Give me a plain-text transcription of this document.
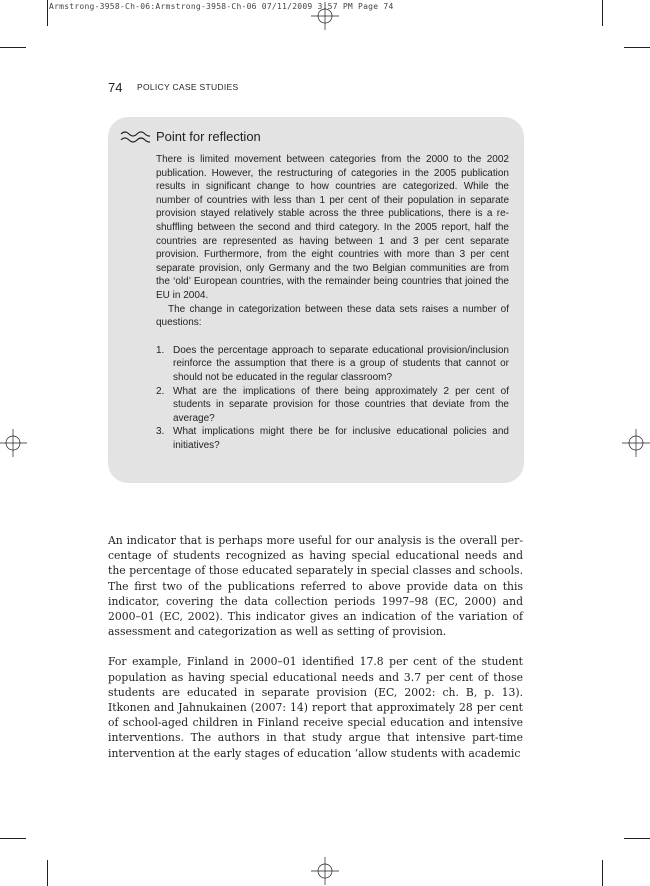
Armstrong-3958-Ch-06:Armstrong-3958-Ch-06 07/11/2009 3:57 PM Page 74

74 POLICY CASE STUDIES

Point for reflection

There is limited movement between categories from the 2000 to the 2002 publication. However, the restructuring of categories in the 2005 publication results in significant change to how countries are categorized. While the number of countries with less than 1 per cent of their population in separate provision stayed relatively stable across the three publications, there is a re-shuffling between the second and third category. In the 2005 report, half the countries are represented as having between 1 and 3 per cent separate provision. Furthermore, from the eight countries with more than 3 per cent separate provision, only Germany and the two Belgian communities are from the ‘old’ European countries, with the remainder being countries that joined the EU in 2004.

The change in categorization between these data sets raises a number of questions:

1. Does the percentage approach to separate educational provision/​inclusion reinforce the assumption that there is a group of students that cannot or should not be educated in the regular classroom?
2. What are the implications of there being approximately 2 per cent of students in separate provision for those countries that deviate from the average?
3. What implications might there be for inclusive educational policies and initiatives?

An indicator that is perhaps more useful for our analysis is the overall percentage of students recognized as having special educational needs and the percentage of those educated separately in special classes and schools. The first two of the publications referred to above provide data on this indicator, covering the data collection periods 1997–98 (EC, 2000) and 2000–01 (EC, 2002). This indicator gives an indication of the variation of assessment and categorization as well as setting of provision.

For example, Finland in 2000–01 identified 17.8 per cent of the student population as having special educational needs and 3.7 per cent of those students are educated in separate provision (EC, 2002: ch. B, p. 13). Itkonen and Jahnukainen (2007: 14) report that approximately 28 per cent of school-aged children in Finland receive special education and intensive interventions. The authors in that study argue that intensive part-time intervention at the early stages of education ‘allow students with academic
